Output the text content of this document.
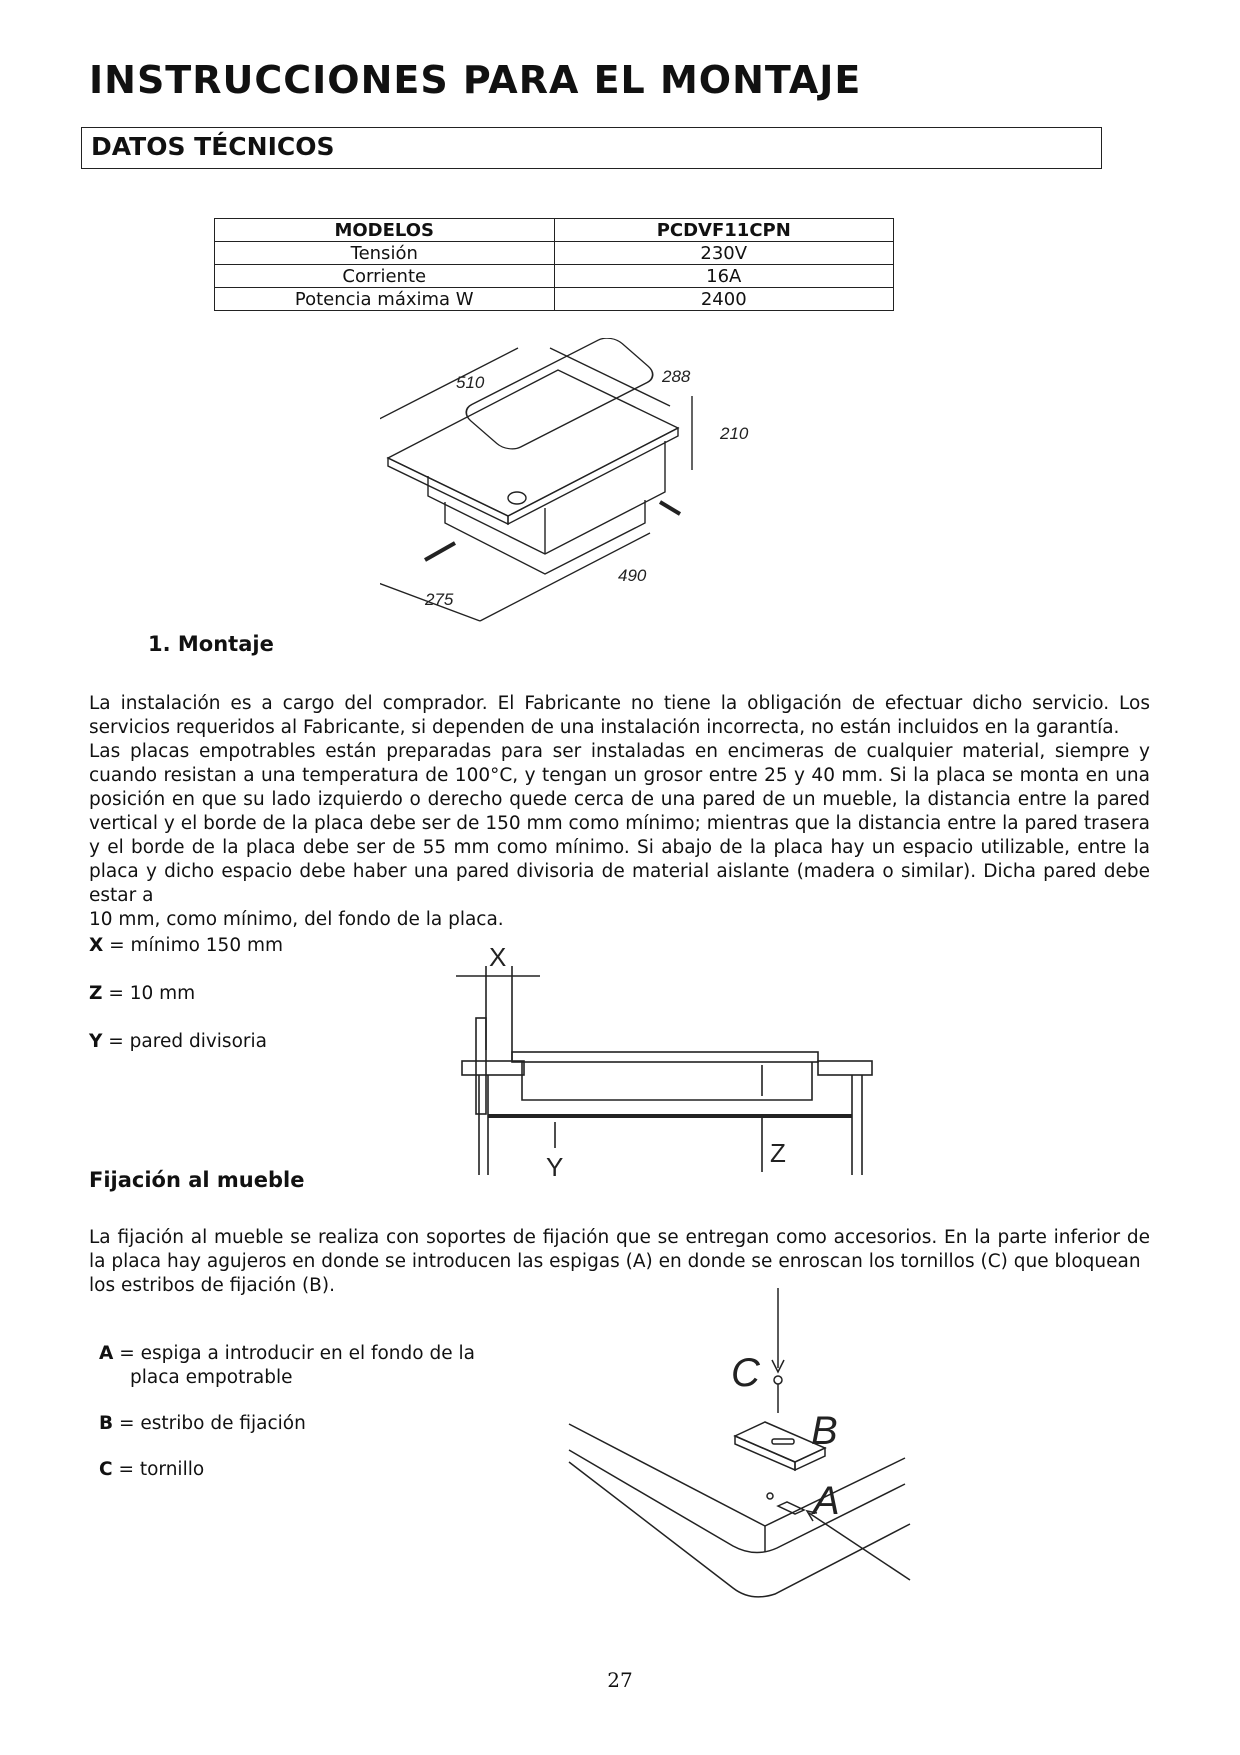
INSTRUCCIONES PARA EL MONTAJE
DATOS TÉCNICOS
MODELOS	PCDVF11CPN
Tensión	230V
Corriente	16A
Potencia máxima W	2400
510	288
210
490
275
1. Montaje

La instalación es a cargo del comprador. El Fabricante no tiene la obligación de efectuar dicho servicio. Los servicios requeridos al Fabricante, si dependen de una instalación incorrecta, no están incluidos en la garantía.

Las placas empotrables están preparadas para ser instaladas en encimeras de cualquier material, siempre y cuando resistan a una temperatura de 100°C, y tengan un grosor entre 25 y 40 mm. Si la placa se monta en una posición en que su lado izquierdo o derecho quede cerca de una pared de un mueble, la distancia entre la pared vertical y el borde de la placa debe ser de 150 mm como mínimo; mientras que la distancia entre la pared trasera y el borde de la placa debe ser de 55 mm como mínimo. Si abajo de la placa hay un espacio utilizable, entre la placa y dicho espacio debe haber una pared divisoria de material aislante (madera o similar). Dicha pared debe estar a
10 mm, como mínimo, del fondo de la placa.

X = mínimo 150 mm
Z = 10 mm
Y = pared divisoria
X
Y	Z
Fijación al mueble

La fijación al mueble se realiza con soportes de fijación que se entregan como accesorios. En la parte inferior de la placa hay agujeros en donde se introducen las espigas (A) en donde se enroscan los tornillos (C) que bloquean
los estribos de fijación (B).

A = espiga a introducir en el fondo de la
placa empotrable
B = estribo de fijación
C = tornillo
C
B
A
27
